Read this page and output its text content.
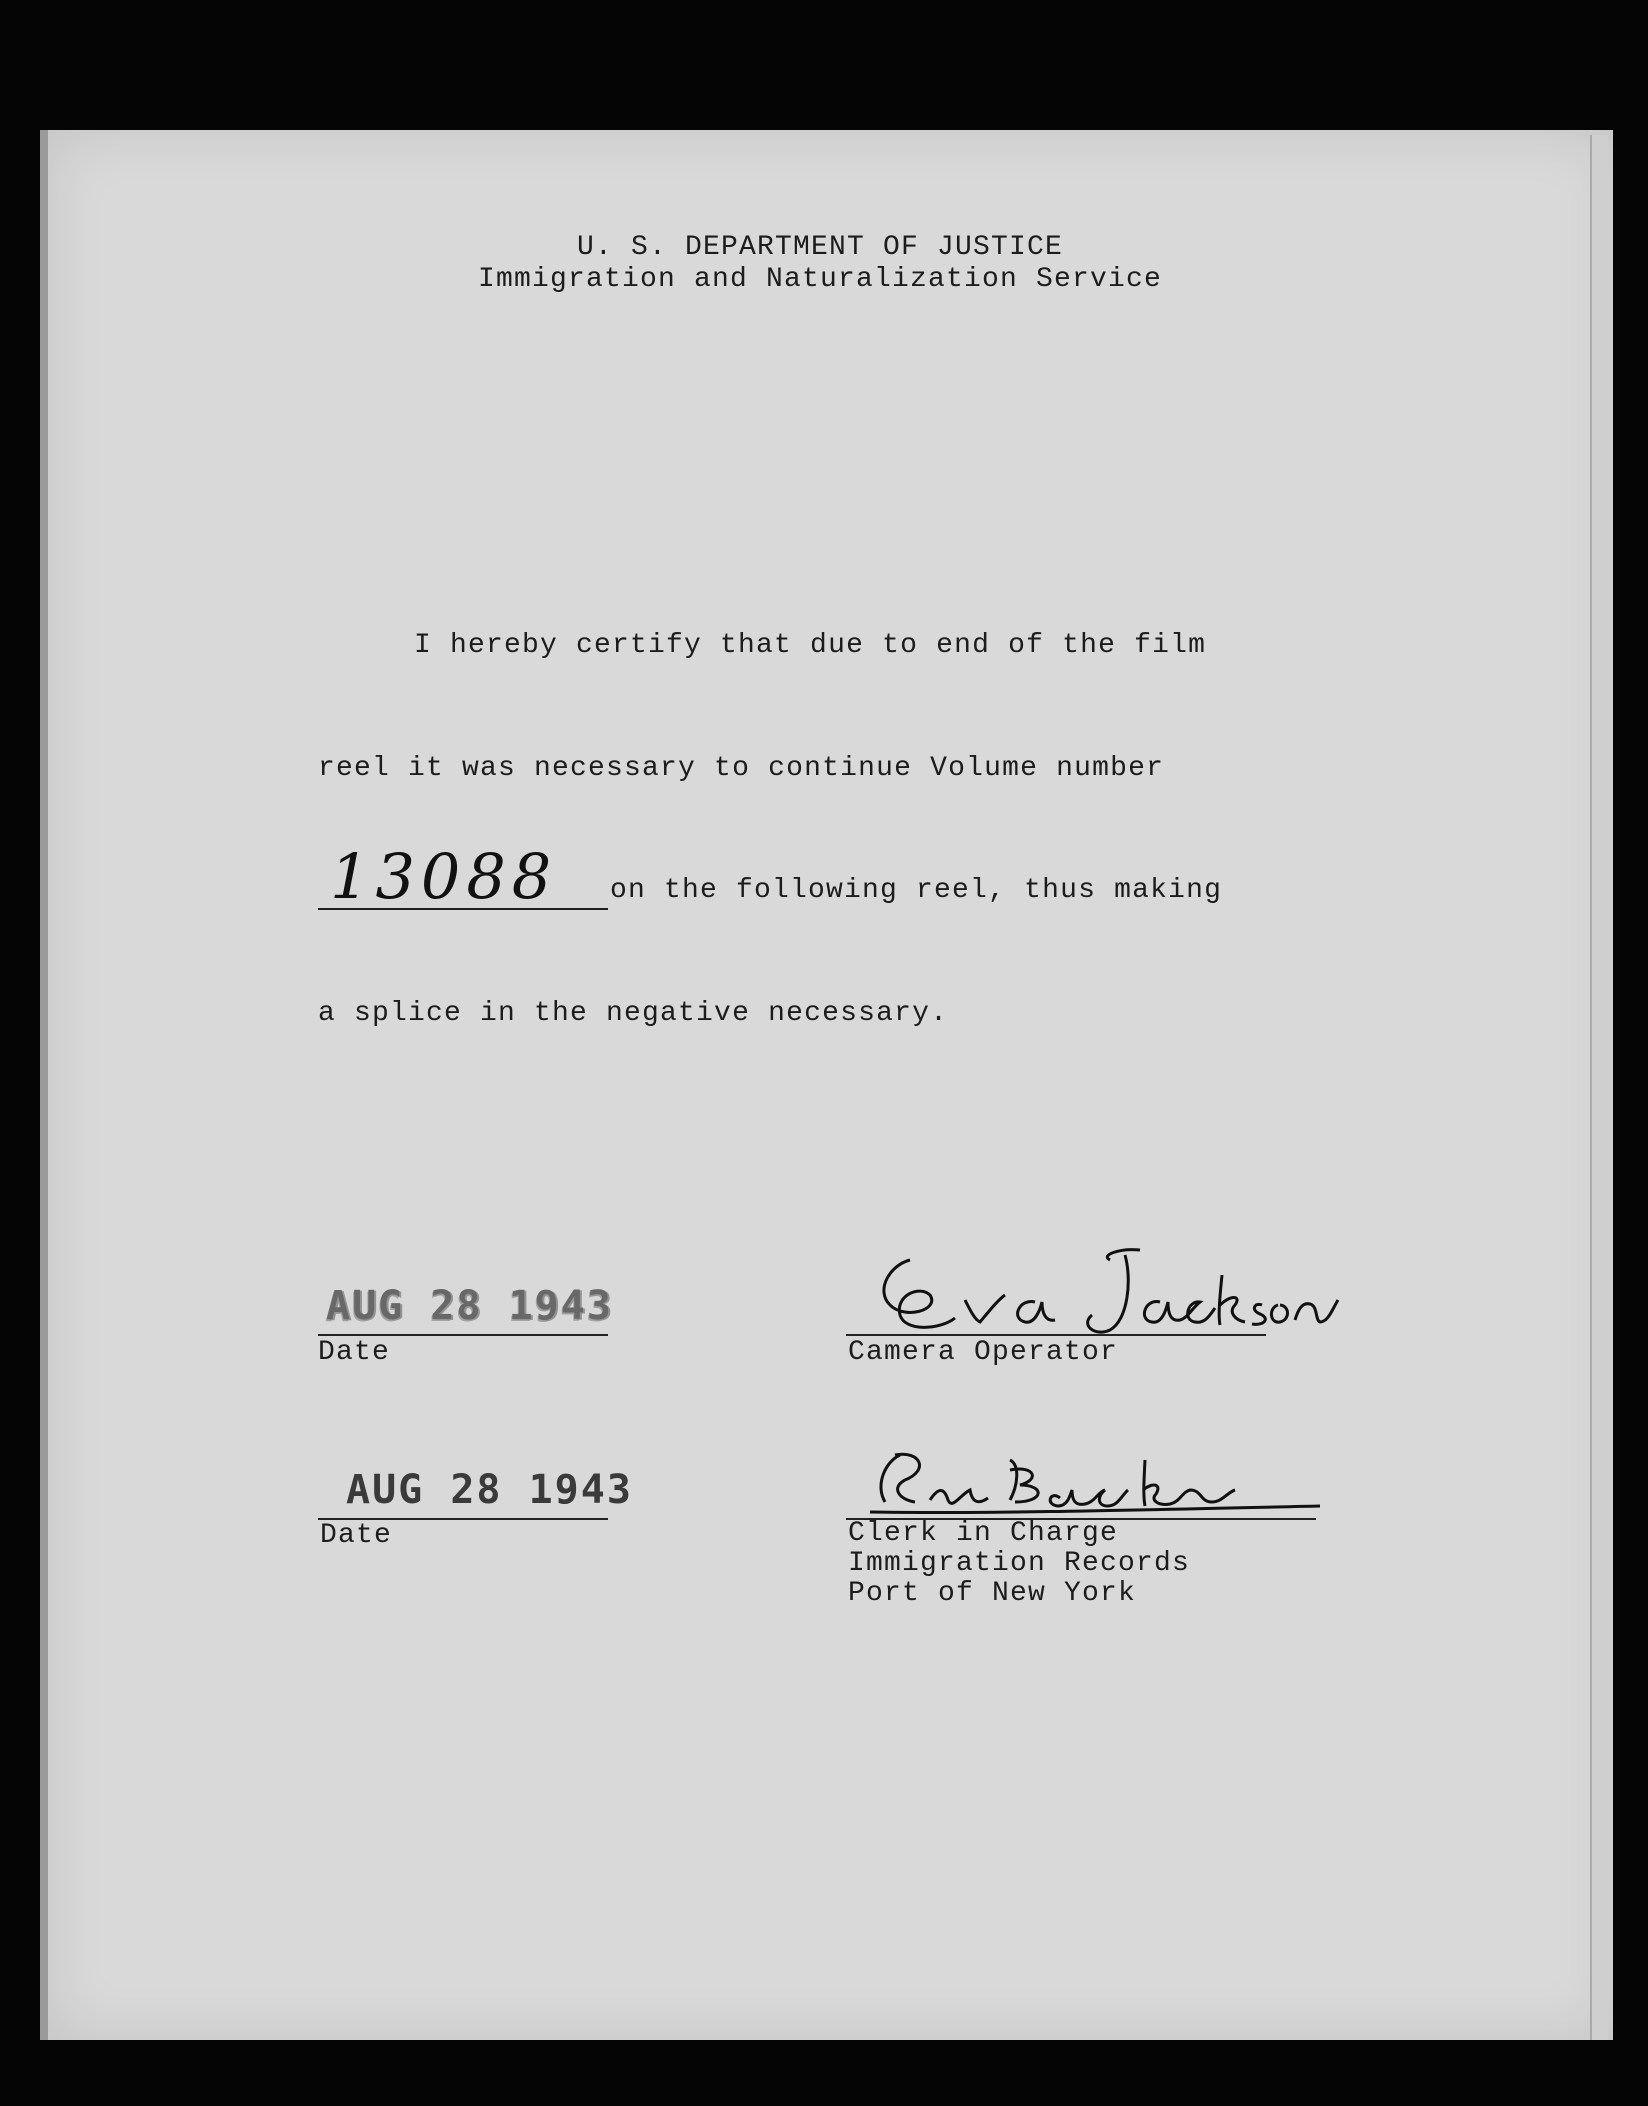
U. S. DEPARTMENT OF JUSTICE
Immigration and Naturalization Service
I hereby certify that due to end of the film
reel it was necessary to continue Volume number
13088 on the following reel, thus making
a splice in the negative necessary.
AUG 28 1943
Date	Camera Operator
AUG 28 1943
Date	Clerk in Charge
Immigration Records
Port of New York
